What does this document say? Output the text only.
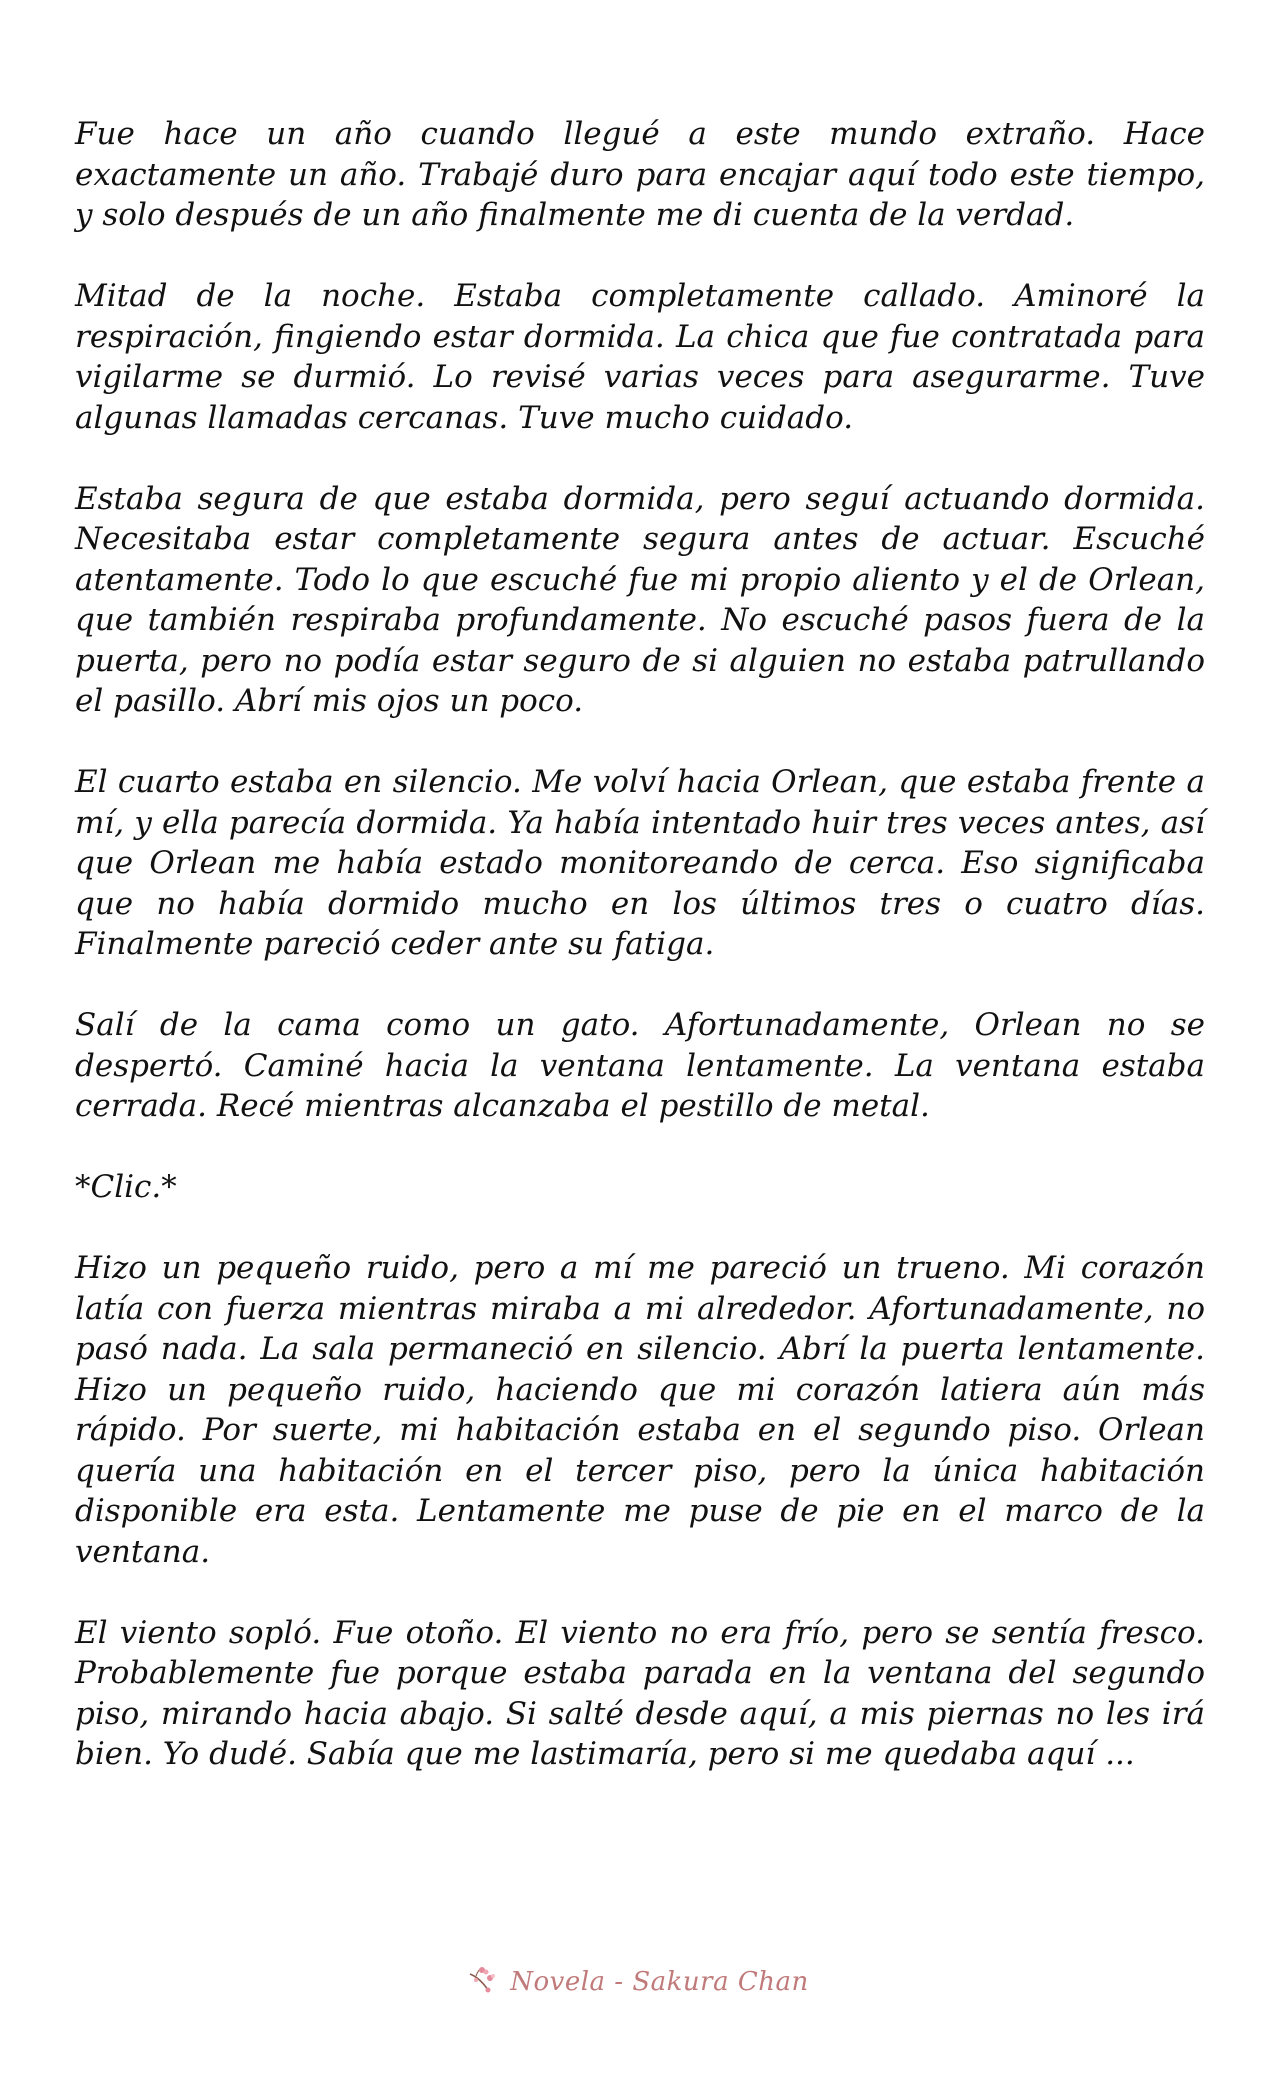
Fue hace un año cuando llegué a este mundo extraño. Hace exactamente un año. Trabajé duro para encajar aquí todo este tiempo, y solo después de un año finalmente me di cuenta de la verdad.

Mitad de la noche. Estaba completamente callado. Aminoré la respiración, fingiendo estar dormida. La chica que fue contratada para vigilarme se durmió. Lo revisé varias veces para asegurarme. Tuve algunas llamadas cercanas. Tuve mucho cuidado.

Estaba segura de que estaba dormida, pero seguí actuando dormida. Necesitaba estar completamente segura antes de actuar. Escuché atentamente. Todo lo que escuché fue mi propio aliento y el de Orlean, que también respiraba profundamente. No escuché pasos fuera de la puerta, pero no podía estar seguro de si alguien no estaba patrullando el pasillo. Abrí mis ojos un poco.

El cuarto estaba en silencio. Me volví hacia Orlean, que estaba frente a mí, y ella parecía dormida. Ya había intentado huir tres veces antes, así que Orlean me había estado monitoreando de cerca. Eso significaba que no había dormido mucho en los últimos tres o cuatro días. Finalmente pareció ceder ante su fatiga.

Salí de la cama como un gato. Afortunadamente, Orlean no se despertó. Caminé hacia la ventana lentamente. La ventana estaba cerrada. Recé mientras alcanzaba el pestillo de metal.

*Clic.*

Hizo un pequeño ruido, pero a mí me pareció un trueno. Mi corazón latía con fuerza mientras miraba a mi alrededor. Afortunadamente, no pasó nada. La sala permaneció en silencio. Abrí la puerta lentamente. Hizo un pequeño ruido, haciendo que mi corazón latiera aún más rápido. Por suerte, mi habitación estaba en el segundo piso. Orlean quería una habitación en el tercer piso, pero la única habitación disponible era esta. Lentamente me puse de pie en el marco de la ventana.

El viento sopló. Fue otoño. El viento no era frío, pero se sentía fresco. Probablemente fue porque estaba parada en la ventana del segundo piso, mirando hacia abajo. Si salté desde aquí, a mis piernas no les irá bien. Yo dudé. Sabía que me lastimaría, pero si me quedaba aquí ...

Novela - Sakura Chan
